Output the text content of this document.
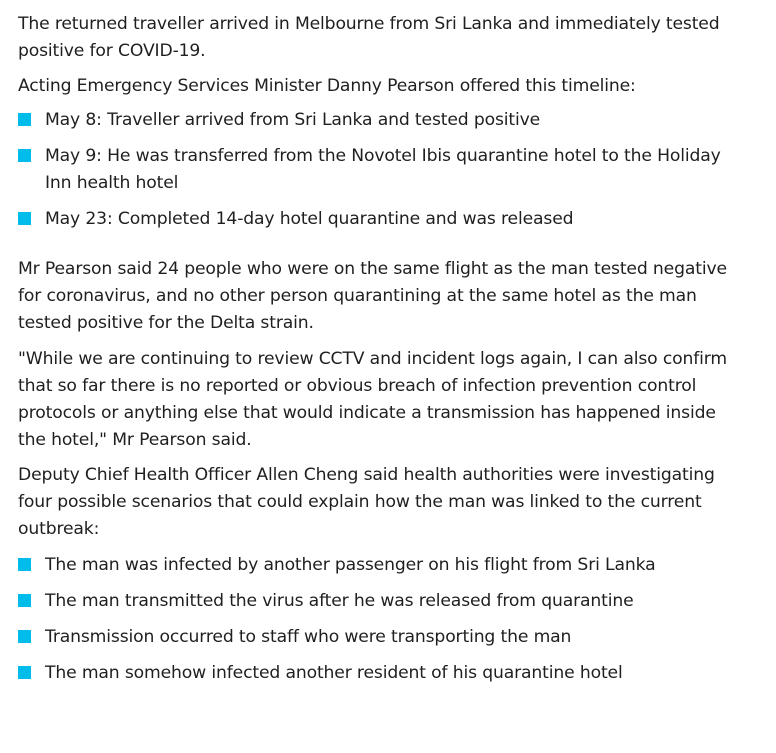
The returned traveller arrived in Melbourne from Sri Lanka and immediately tested positive for COVID-19.

Acting Emergency Services Minister Danny Pearson offered this timeline:

May 8: Traveller arrived from Sri Lanka and tested positive
May 9: He was transferred from the Novotel Ibis quarantine hotel to the Holiday Inn health hotel
May 23: Completed 14-day hotel quarantine and was released

Mr Pearson said 24 people who were on the same flight as the man tested negative for coronavirus, and no other person quarantining at the same hotel as the man tested positive for the Delta strain.

"While we are continuing to review CCTV and incident logs again, I can also confirm that so far there is no reported or obvious breach of infection prevention control protocols or anything else that would indicate a transmission has happened inside the hotel," Mr Pearson said.

Deputy Chief Health Officer Allen Cheng said health authorities were investigating four possible scenarios that could explain how the man was linked to the current outbreak:

The man was infected by another passenger on his flight from Sri Lanka
The man transmitted the virus after he was released from quarantine
Transmission occurred to staff who were transporting the man
The man somehow infected another resident of his quarantine hotel
